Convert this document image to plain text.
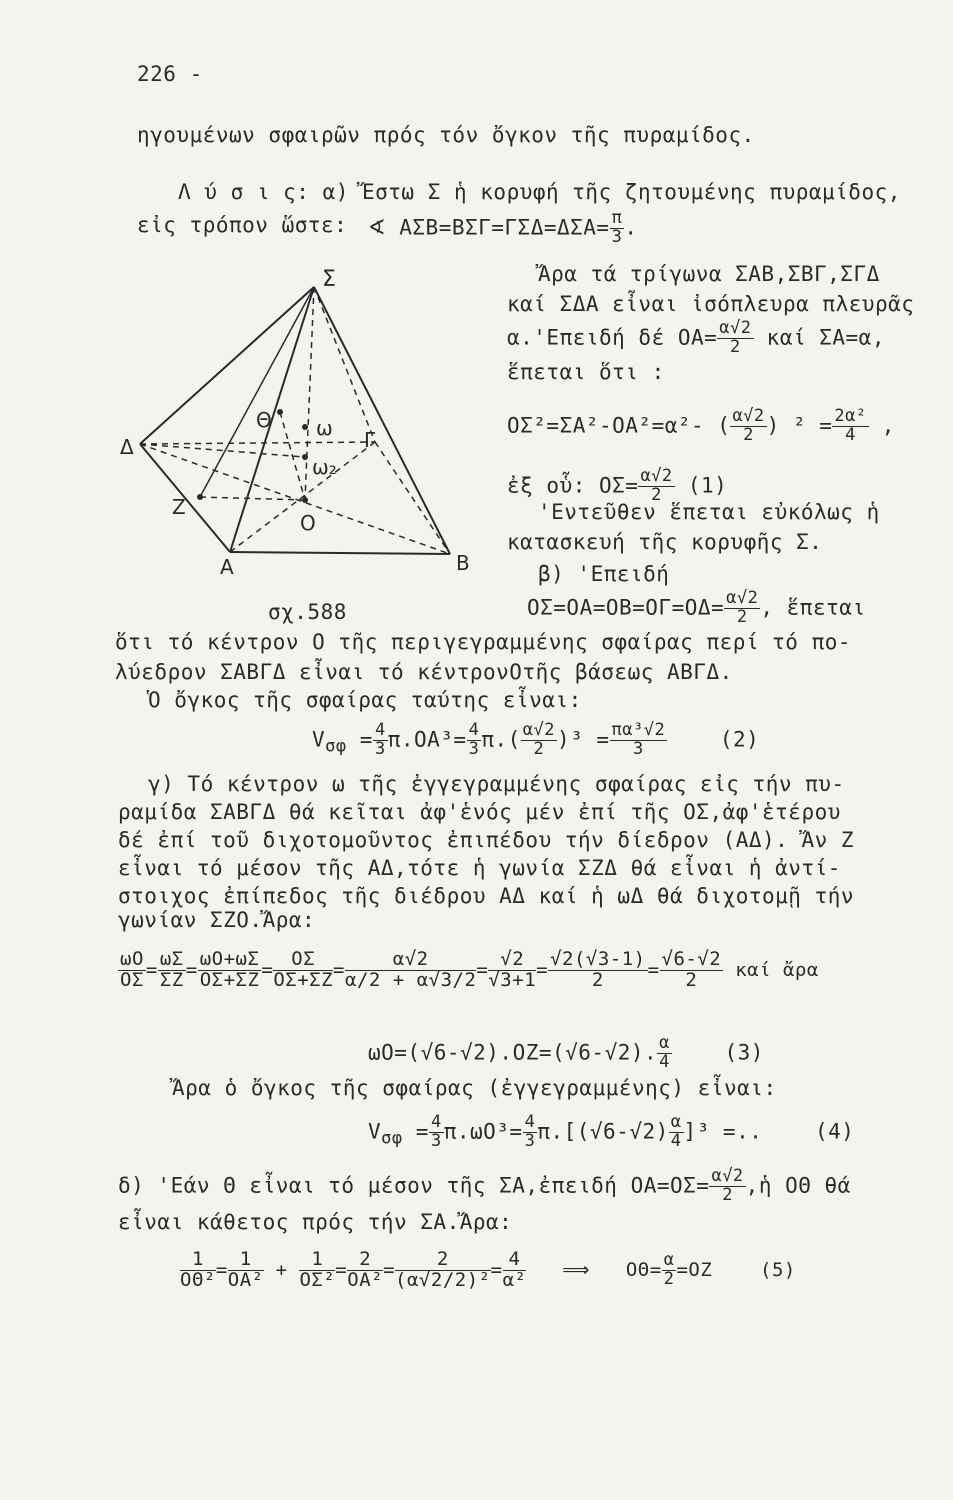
226 -
ηγουμένων σφαιρῶν πρός τόν ὄγκον τῆς πυραμίδος.
Λ ύ σ ι ς: α) Ἔστω Σ ἡ κορυφή τῆς ζητουμένης πυραμίδος,
εἰς τρόπον ὥστε: ∢ $A\Sigma B=B\Sigma\Gamma=\Gamma\Sigma\Delta=\Delta\Sigma A= \frac{\pi}{3}$ .
Ἄρα τά τρίγωνα ΣΑΒ,ΣΒΓ,ΣΓΔ
καί ΣΔΑ εἶναι ἰσόπλευρα πλευρᾶς
α.'Επειδή δέ $OA= \frac{\alpha√2}{2}$ καί ΣΑ=α,
ἕπεται ὅτι :
ΟΣ²=ΣΑ²-ΟΑ²=α²- ( $\frac{\alpha√2}{2}$ ) $^2 = \frac{\text{2α²}}{4}$ ,
ἐξ οὗ: $O\Sigma= \frac{\alpha√2}{2} (1)$
'Εντεῦθεν ἕπεται εὐκόλως ἡ
κατασκευή τῆς κορυφῆς Σ.
β) 'Επειδή
Σ
Α	Β
Γ
Δ
Ζ
Ο
Θ ω
ω₂
σχ.588	$O\Sigma=OA=OB=O\Gamma=O\Delta= \frac{\alpha√2}{2}$ , ἕπεται
ὅτι τό κέντρον Ο τῆς περιγεγραμμένης σφαίρας περί τό πο-
λύεδρον ΣΑΒΓΔ εἶναι τό κέντρονΟτῆς βάσεως ΑΒΓΔ.
Ὁ ὄγκος τῆς σφαίρας ταύτης εἶναι:
$V_{\sigma\varphi} = \frac{4}{3} \pi.OA^3= \frac{4}{3} \pi.( \frac{\alpha√2}{2} )^3 = \frac{\text{πα³√2}}{3}$	(2)
γ) Τό κέντρον ω τῆς ἐγγεγραμμένης σφαίρας εἰς τήν πυ-
ραμίδα ΣΑΒΓΔ θά κεῖται ἀφ'ἑνός μέν ἐπί τῆς ΟΣ,ἀφ'ἑτέρου
δέ ἐπί τοῦ διχοτομοῦντος ἐπιπέδου τήν δίεδρον (ΑΔ). Ἄν Ζ
εἶναι τό μέσον τῆς ΑΔ,τότε ἡ γωνία ΣΖΔ θά εἶναι ἡ ἀντί-
στοιχος ἐπίπεδος τῆς διέδρου ΑΔ καί ἡ ωΔ θά διχοτομῇ τήν
γωνίαν ΣΖΟ.Ἄρα:
$\frac{\omega O}{O\Sigma} = \frac{\omega\Sigma}{\Sigma Z} = \frac{\omega O+\omega\Sigma}{O\Sigma+\Sigma Z} = \frac{O\Sigma}{O\Sigma+\Sigma Z} = \frac{\alpha√2}{\alpha/2 + \alpha√3/2} = \frac{√2}{√3+1} = \frac{√2(√3-1)}{2} = \frac{√6-√2}{2}$ καί ἄρα
ωΟ=(√6-√2).ΟΖ=(√6-√2). $\frac{\alpha}{4}$	(3)
Ἄρα ὁ ὄγκος τῆς σφαίρας (ἐγγεγραμμένης) εἶναι:
$V_{\sigma\varphi} = \frac{4}{3} \pi.\omega O^3= \frac{4}{3} \pi.[(√6-√2) \frac{\alpha}{4} ]^3$ =..	(4)
δ) 'Εάν Θ εἶναι τό μέσον τῆς ΣΑ,ἐπειδή $OA=O\Sigma= \frac{\alpha√2}{2}$ ,ἡ ΟΘ θά
εἶναι κάθετος πρός τήν ΣΑ.Ἄρα:
$\frac{1}{\text{ΟΘ²}} = \frac{1}{\text{ΟΑ²}} + \frac{1}{\text{ΟΣ²}} = \frac{2}{\text{ΟΑ²}} = \frac{2}{\text{(α√2/2)²}} = \frac{4}{\text{α²}}$ ⟹ $O\Theta= \frac{\alpha}{2} =OZ$	(5)
